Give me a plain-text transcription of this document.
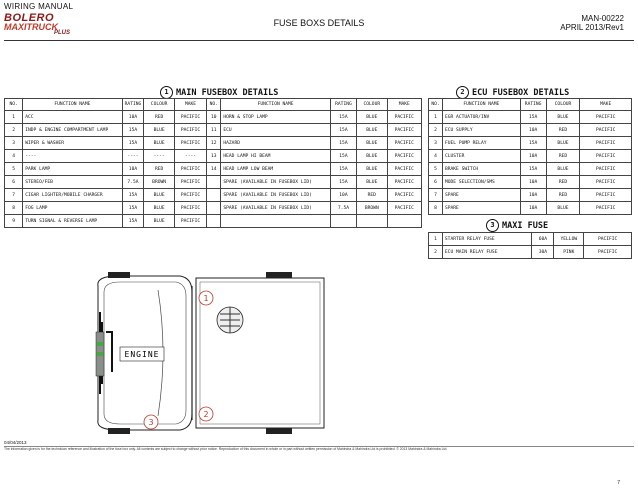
WIRING MANUAL
BOLERO
MAXITRUCK
PLUS
FUSE BOXS DETAILS	MAN-00222
APRIL 2013/Rev1
1 MAIN FUSEBOX DETAILS
NO.	FUNCTION NAME	RATING	COLOUR	MAKE	NO.	FUNCTION NAME	RATING	COLOUR	MAKE
1	ACC	10A	RED	PACIFIC	10	HORN & STOP LAMP	15A	BLUE	PACIFIC
2	INDP & ENGINE COMPARTMENT LAMP	15A	BLUE	PACIFIC	11	ECU	15A	BLUE	PACIFIC
3	WIPER & WASHER	15A	BLUE	PACIFIC	12	HAZARD	15A	BLUE	PACIFIC
4	----	----	----	----	13	HEAD LAMP HI BEAM	15A	BLUE	PACIFIC
5	PARK LAMP	10A	RED	PACIFIC	14	HEAD LAMP LOW BEAM	15A	BLUE	PACIFIC
6	STEREO/FEB	7.5A	BROWN	PACIFIC		SPARE (AVAILABLE IN FUSEBOX LID)	15A	BLUE	PACIFIC
7	CIGAR LIGHTER/MOBILE CHARGER	15A	BLUE	PACIFIC		SPARE (AVAILABLE IN FUSEBOX LID)	10A	RED	PACIFIC
8	FOG LAMP	15A	BLUE	PACIFIC		SPARE (AVAILABLE IN FUSEBOX LID)	7.5A	BROWN	PACIFIC
9	TURN SIGNAL & REVERSE LAMP	15A	BLUE	PACIFIC					
2 ECU FUSEBOX DETAILS
NO.	FUNCTION NAME	RATING	COLOUR	MAKE
1	EGR ACTUATOR/INV	15A	BLUE	PACIFIC
2	ECU SUPPLY	10A	RED	PACIFIC
3	FUEL PUMP RELAY	15A	BLUE	PACIFIC
4	CLUSTER	10A	RED	PACIFIC
5	BRAKE SWITCH	15A	BLUE	PACIFIC
6	MODE SELECTION/SMS	10A	RED	PACIFIC
7	SPARE	10A	RED	PACIFIC
8	SPARE	10A	BLUE	PACIFIC
3 MAXI FUSE
1	STARTER RELAY FUSE	60A	YELLOW	PACIFIC
2	ECU MAIN RELAY FUSE	30A	PINK	PACIFIC
1
2
3
ENGINE
04/04/2013
The information given is for the technician reference and illustration of the fuse box only. All contents are subject to change without prior notice. Reproduction of this document in whole or in part without written permission of Mahindra & Mahindra Ltd is prohibited. © 2013 Mahindra & Mahindra Ltd.
7
